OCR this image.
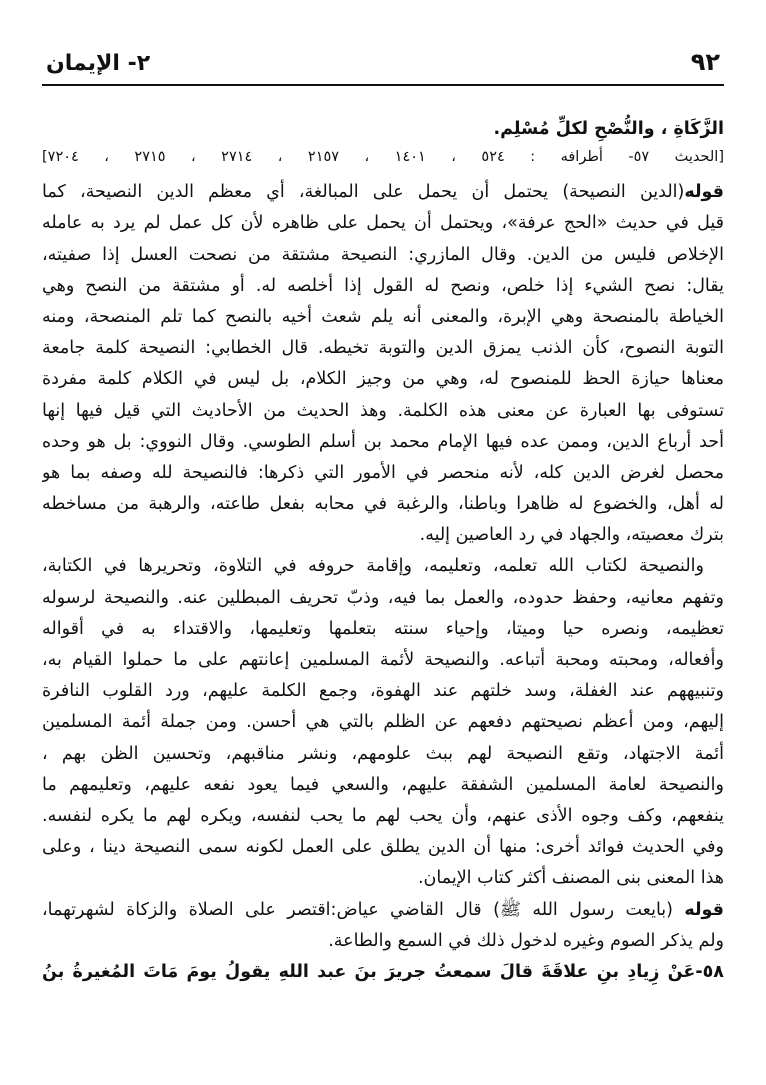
٩٢
٢- الإيمان

الزَّكَاةِ ، والنُّصْحِ لكلِّ مُسْلِم.

[الحديث ٥٧- أطرافه : ٥٢٤ ، ١٤٠١ ، ٢١٥٧ ، ٢٧١٤ ، ٢٧١٥ ، ٧٢٠٤]

قوله(الدين النصيحة) يحتمل أن يحمل على المبالغة، أي معظم الدين النصيحة، كما

قيل في حديث «الحج عرفة»، ويحتمل أن يحمل على ظاهره لأن كل عمل لم يرد به عامله

الإخلاص فليس من الدين. وقال المازري: النصيحة مشتقة من نصحت العسل إذا صفيته،

يقال: نصح الشيء إذا خلص، ونصح له القول إذا أخلصه له. أو مشتقة من النصح وهي

الخياطة بالمنصحة وهي الإبرة، والمعنى أنه يلم شعث أخيه بالنصح كما تلم المنصحة، ومنه

التوبة النصوح، كأن الذنب يمزق الدين والتوبة تخيطه. قال الخطابي: النصيحة كلمة جامعة

معناها حيازة الحظ للمنصوح له، وهي من وجيز الكلام، بل ليس في الكلام كلمة مفردة

تستوفى بها العبارة عن معنى هذه الكلمة. وهذ الحديث من الأحاديث التي قيل فيها إنها

أحد أرباع الدين، وممن عده فيها الإمام محمد بن أسلم الطوسي. وقال النووي: بل هو وحده

محصل لغرض الدين كله، لأنه منحصر في الأمور التي ذكرها: فالنصيحة لله وصفه بما هو

له أهل، والخضوع له ظاهرا وباطنا، والرغبة في محابه بفعل طاعته، والرهبة من مساخطه

بترك معصيته، والجهاد في رد العاصين إليه.

والنصيحة لكتاب الله تعلمه، وتعليمه، وإقامة حروفه في التلاوة، وتحريرها في الكتابة،

وتفهم معانيه، وحفظ حدوده، والعمل بما فيه، وذبّ تحريف المبطلين عنه. والنصيحة لرسوله

تعظيمه، ونصره حيا وميتا، وإحياء سنته بتعلمها وتعليمها، والاقتداء به في أقواله

وأفعاله، ومحبته ومحبة أتباعه. والنصيحة لأئمة المسلمين إعانتهم على ما حملوا القيام به،

وتنبيههم عند الغفلة، وسد خلتهم عند الهفوة، وجمع الكلمة عليهم، ورد القلوب النافرة

إليهم، ومن أعظم نصيحتهم دفعهم عن الظلم بالتي هي أحسن. ومن جملة أئمة المسلمين

أئمة الاجتهاد، وتقع النصيحة لهم ببث علومهم، ونشر مناقبهم، وتحسين الظن بهم ،

والنصيحة لعامة المسلمين الشفقة عليهم، والسعي فيما يعود نفعه عليهم، وتعليمهم ما

ينفعهم، وكف وجوه الأذى عنهم، وأن يحب لهم ما يحب لنفسه، ويكره لهم ما يكره لنفسه.

وفي الحديث فوائد أخرى: منها أن الدين يطلق على العمل لكونه سمى النصيحة دينا ، وعلى

هذا المعنى بنى المصنف أكثر كتاب الإيمان.

قوله (بايعت رسول الله ﷺ) قال القاضي عياض:اقتصر على الصلاة والزكاة لشهرتهما،

ولم يذكر الصوم وغيره لدخول ذلك في السمع والطاعة.

٥٨-عَنْ زِيادِ بنِ علاقَةَ قالَ سمعتُ جريرَ بنَ عبد اللهِ يقولُ يومَ مَاتَ المُغيرةُ بنُ
